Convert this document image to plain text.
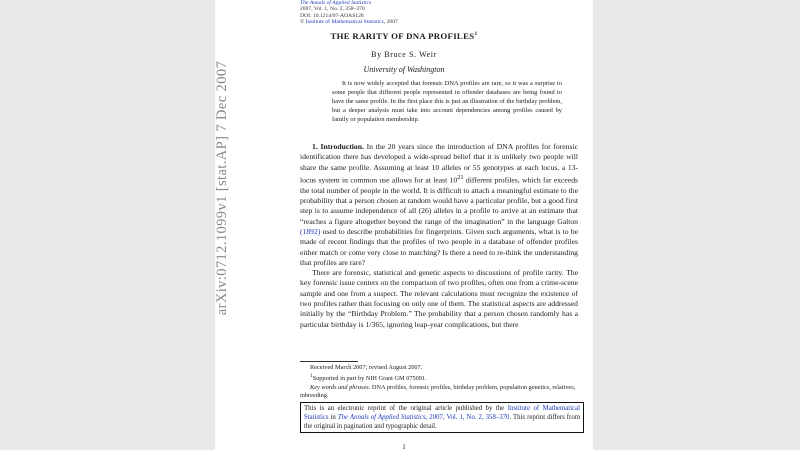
The Annals of Applied Statistics
2007, Vol. 1, No. 2, 358–370
DOI: 10.1214/07-AOAS128
© Institute of Mathematical Statistics, 2007
THE RARITY OF DNA PROFILES$^1$
By Bruce S. Weir
University of Washington

It is now widely accepted that forensic DNA profiles are rare, so it was a surprise to some people that different people represented in offender databases are being found to have the same profile. In the first place this is just an illustration of the birthday problem, but a deeper analysis must take into account dependencies among profiles caused by family or population membership.

1. Introduction. In the 20 years since the introduction of DNA profiles for forensic identification there has developed a wide-spread belief that it is unlikely two people will share the same profile. Assuming at least 10 alleles or 55 genotypes at each locus, a 13-locus system in common use allows for at least $10^{21}$ different profiles, which far exceeds the total number of people in the world. It is difficult to attach a meaningful estimate to the probability that a person chosen at random would have a particular profile, but a good first step is to assume independence of all (26) alleles in a profile to arrive at an estimate that “reaches a figure altogether beyond the range of the imagination” in the language Galton (1892) used to describe probabilities for fingerprints. Given such arguments, what is to be made of recent findings that the profiles of two people in a database of offender profiles either match or come very close to matching? Is there a need to re-think the understanding that profiles are rare?

There are forensic, statistical and genetic aspects to discussions of profile rarity. The key forensic issue centers on the comparison of two profiles, often one from a crime-scene sample and one from a suspect. The relevant calculations must recognize the existence of two profiles rather than focusing on only one of them. The statistical aspects are addressed initially by the “Birthday Problem.” The probability that a person chosen randomly has a particular birthday is 1/365, ignoring leap-year complications, but there

Received March 2007; revised August 2007.

$^1$Supported in part by NIH Grant GM 075091.

Key words and phrases. DNA profiles, forensic profiles, birthday problem, population genetics, relatives, inbreeding.

This is an electronic reprint of the original article published by the Institute of Mathematical Statistics in The Annals of Applied Statistics, 2007, Vol. 1, No. 2, 358–370. This reprint differs from the original in pagination and typographic detail.
1
arXiv:0712.1099v1 [stat.AP] 7 Dec 2007
